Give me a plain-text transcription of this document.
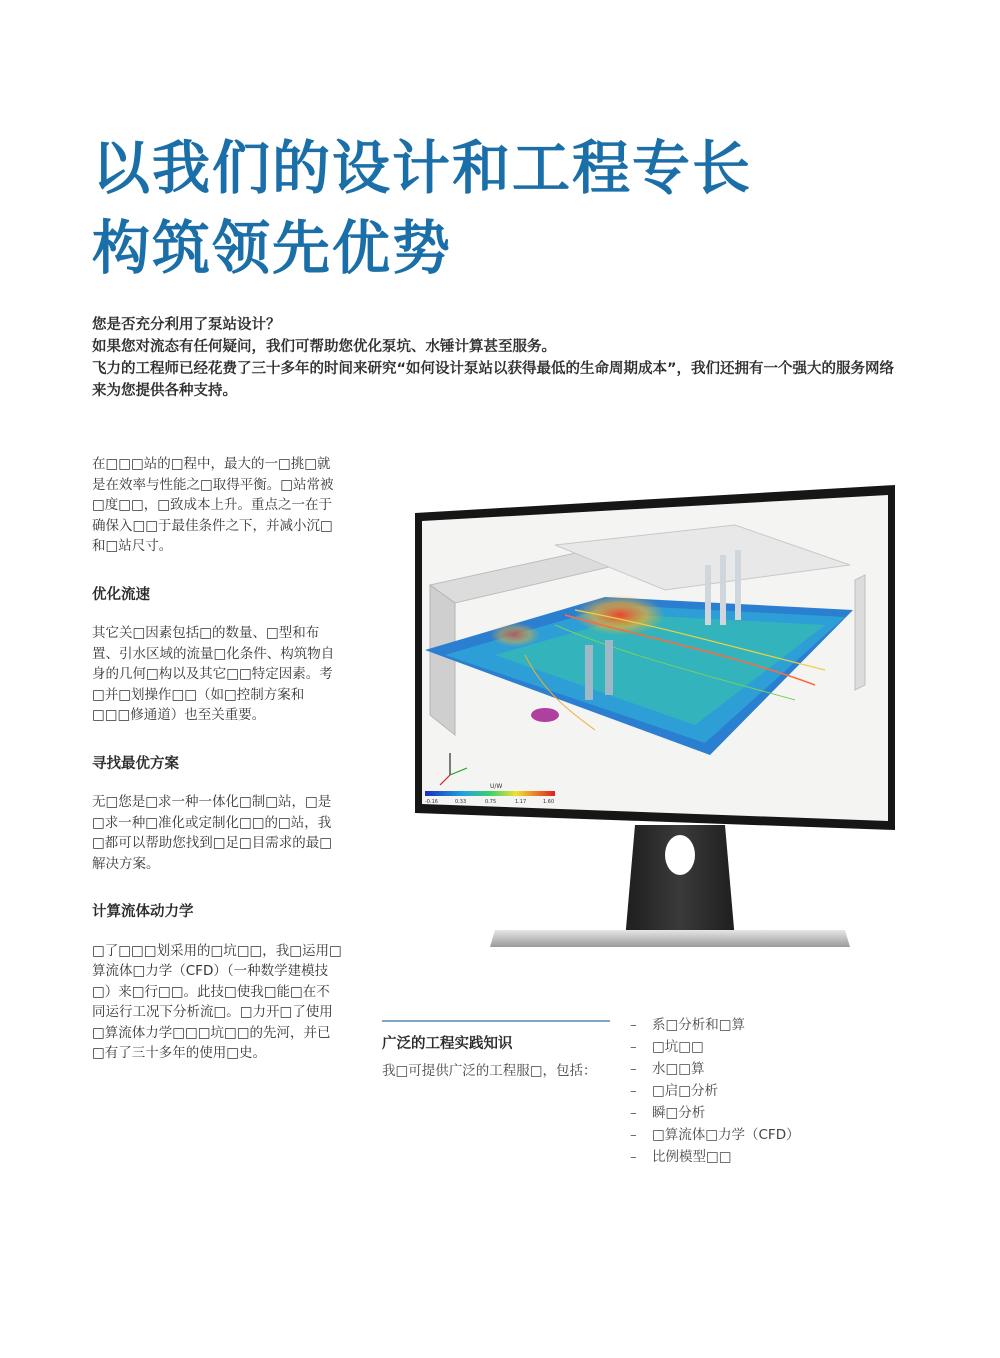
以我们的设计和工程专长
构筑领先优势

您是否充分利用了泵站设计？

如果您对流态有任何疑问，我们可帮助您优化泵坑、水锤计算甚至服务。

飞力的工程师已经花费了三十多年的时间来研究“如何设计泵站以获得最低的生命周期成本”，我们还拥有一个强大的服务网络来为您提供各种支持。

在□□□站的□程中，最大的一□挑□就是在效率与性能之□取得平衡。□站常被□度□□，□致成本上升。重点之一在于确保入□□于最佳条件之下，并减小沉□和□站尺寸。

优化流速

其它关□因素包括□的数量、□型和布置、引水区域的流量□化条件、构筑物自身的几何□构以及其它□□特定因素。考□并□划操作□□（如□控制方案和□□□修通道）也至关重要。

寻找最优方案

无□您是□求一种一体化□制□站，□是□求一种□准化或定制化□□的□站，我□都可以帮助您找到□足□目需求的最□解决方案。

计算流体动力学

□了□□□划采用的□坑□□，我□运用□算流体□力学（CFD）（一种数学建模技□）来□行□□。此技□使我□能□在不同运行工况下分析流□。□力开□了使用□算流体力学□□□坑□□的先河，并已□有了三十多年的使用□史。

U/W
-0.16	0.33	0.75	1.17	1.60
广泛的工程实践知识

我□可提供广泛的工程服□，包括：

– 系□分析和□算
– □坑□□
– 水□□算
– □启□分析
– 瞬□分析
– □算流体□力学（CFD）
– 比例模型□□
